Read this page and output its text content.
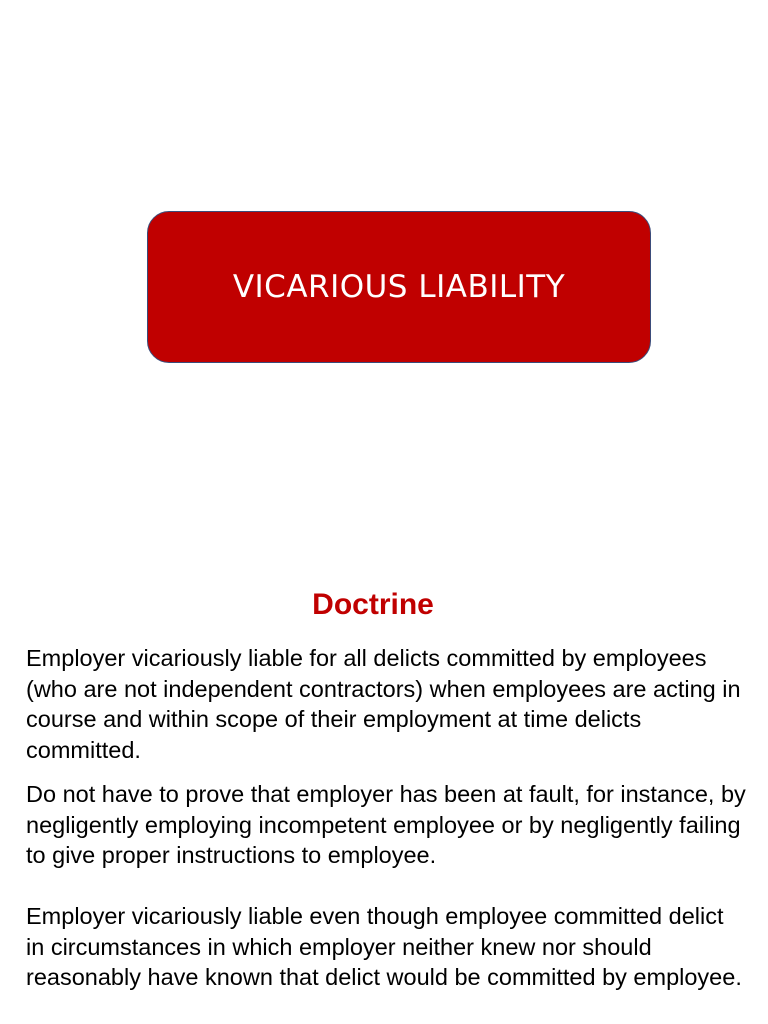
VICARIOUS LIABILITY
Doctrine

Employer vicariously liable for all delicts committed by employees (who are not independent contractors) when employees are acting in course and within scope of their employment at time delicts committed.

Do not have to prove that employer has been at fault, for instance, by negligently employing incompetent employee or by negligently failing to give proper instructions to employee.

Employer vicariously liable even though employee committed delict in circumstances in which employer neither knew nor should reasonably have known that delict would be committed by employee.
